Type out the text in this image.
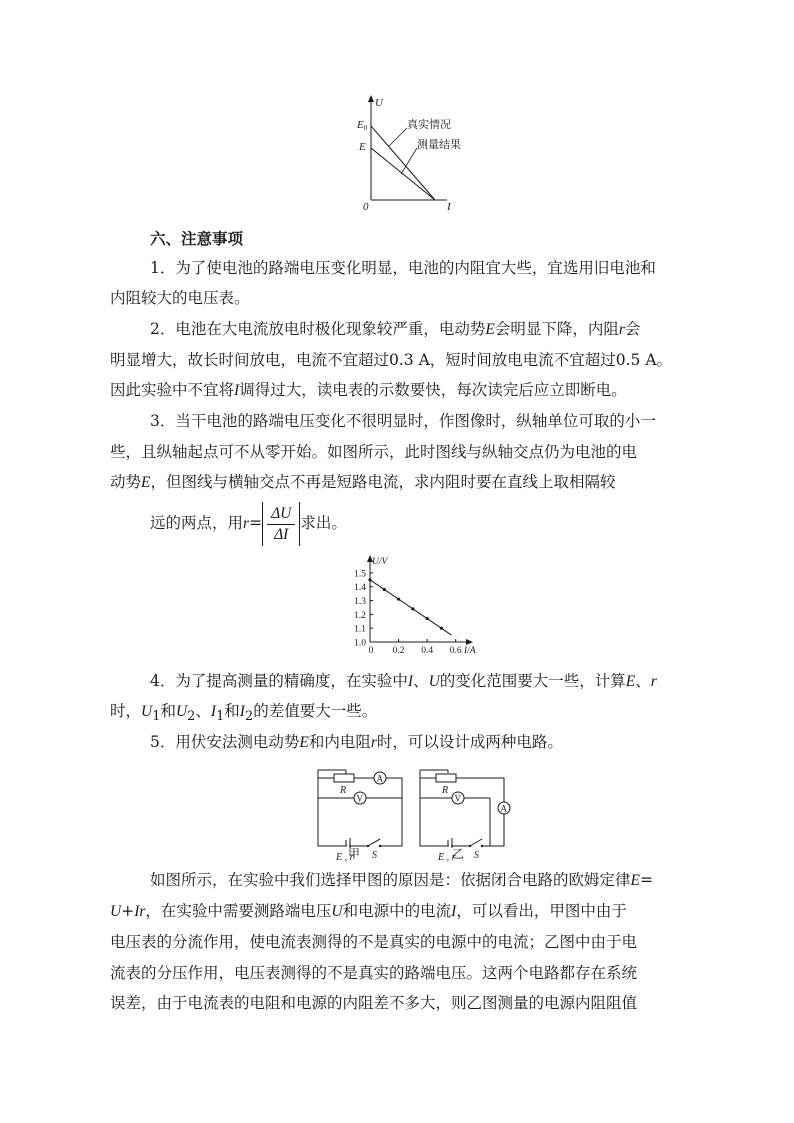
U
E0
E
0	I
真实情况
测量结果
六、注意事项
1．为了使电池的路端电压变化明显，电池的内阻宜大些，宜选用旧电池和
内阻较大的电压表。
2．电池在大电流放电时极化现象较严重，电动势E会明显下降，内阻r会
明显增大，故长时间放电，电流不宜超过0.3 A，短时间放电电流不宜超过0.5 A。
因此实验中不宜将I调得过大，读电表的示数要快，每次读完后应立即断电。
3．当干电池的路端电压变化不很明显时，作图像时，纵轴单位可取的小一
些，且纵轴起点可不从零开始。如图所示，此时图线与纵轴交点仍为电池的电
动势E，但图线与横轴交点不再是短路电流，求内阻时要在直线上取相隔较
远的两点，用$r= \frac{\Delta U}{\Delta I}$ 求出。
1.5
1.4
1.3
1.2
1.1
1.0
0.2 0.4 0.6
0
U/V
I/A
4．为了提高测量的精确度，在实验中I、U的变化范围要大一些，计算E、r
时，$U_1$和$U_2$、$I_1$和$I_2$的差值要大一些。
5．用伏安法测电动势E和内电阻r时，可以设计成两种电路。
R
A
V
E , r S
甲
R
V
A
E , r S
乙
如图所示，在实验中我们选择甲图的原因是：依据闭合电路的欧姆定律E=
U+Ir，在实验中需要测路端电压U和电源中的电流I，可以看出，甲图中由于
电压表的分流作用，使电流表测得的不是真实的电源中的电流；乙图中由于电
流表的分压作用，电压表测得的不是真实的路端电压。这两个电路都存在系统
误差，由于电流表的电阻和电源的内阻差不多大，则乙图测量的电源内阻阻值
